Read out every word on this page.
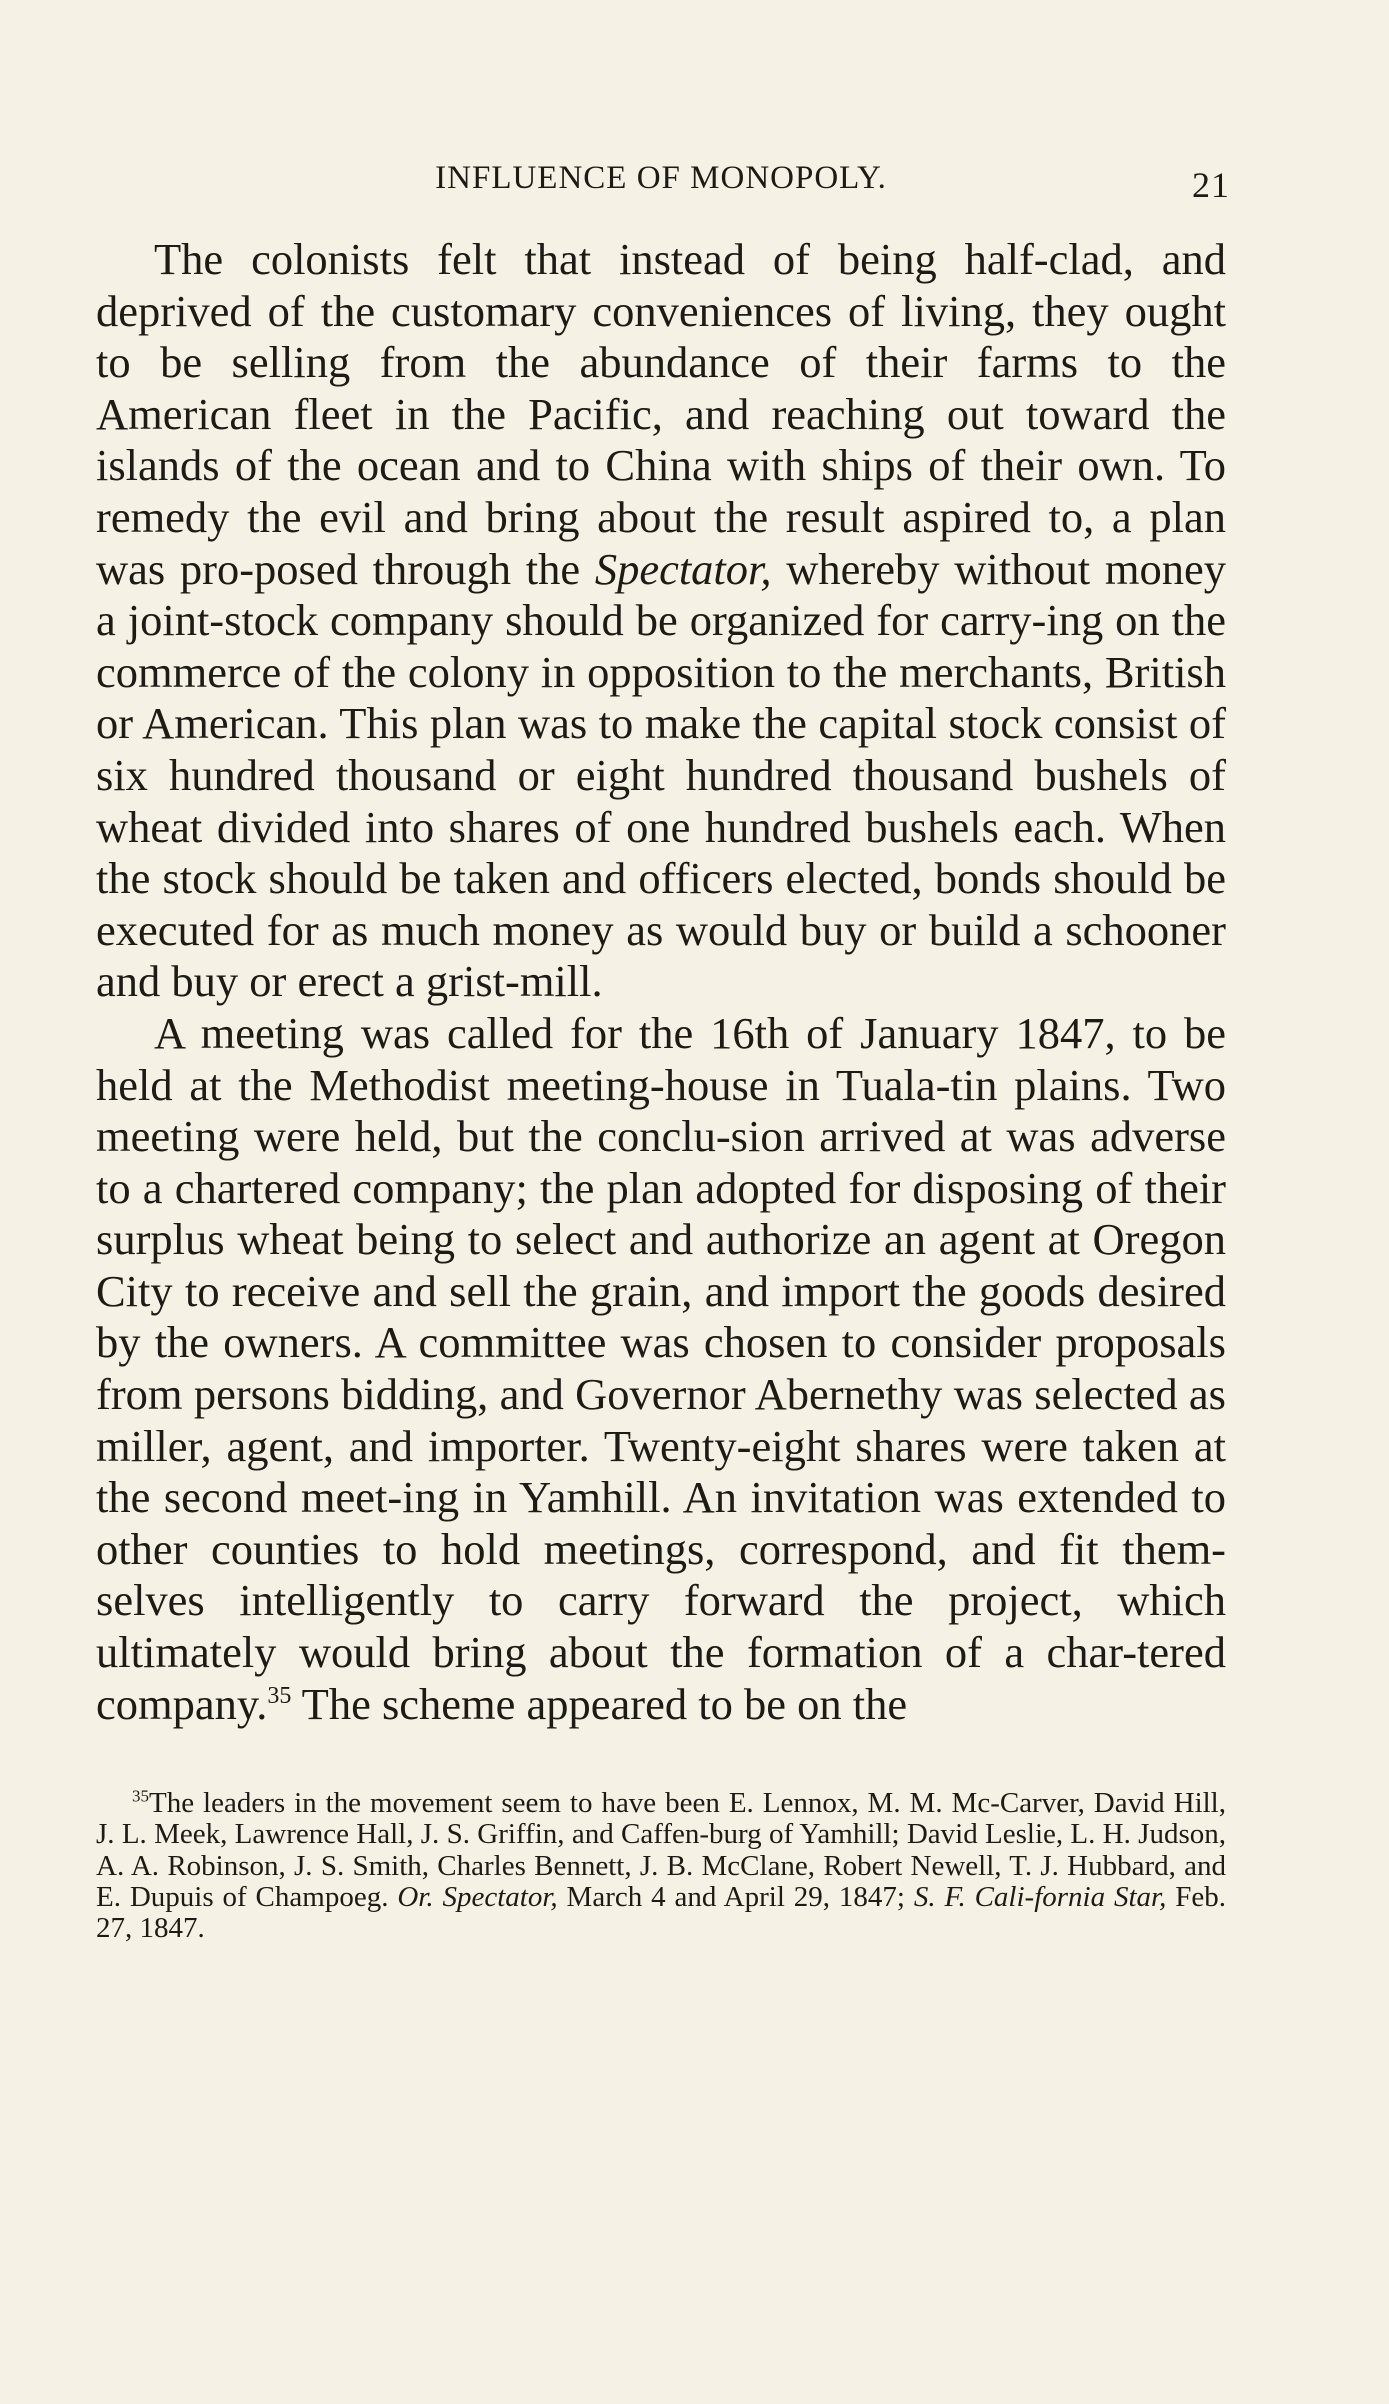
INFLUENCE OF MONOPOLY.	21

The colonists felt that instead of being half-clad, and deprived of the customary conveniences of living, they ought to be selling from the abundance of their farms to the American fleet in the Pacific, and reaching out toward the islands of the ocean and to China with ships of their own. To remedy the evil and bring about the result aspired to, a plan was pro-posed through the Spectator, whereby without money a joint-stock company should be organized for carry-ing on the commerce of the colony in opposition to the merchants, British or American. This plan was to make the capital stock consist of six hundred thousand or eight hundred thousand bushels of wheat divided into shares of one hundred bushels each. When the stock should be taken and officers elected, bonds should be executed for as much money as would buy or build a schooner and buy or erect a grist-mill.

A meeting was called for the 16th of January 1847, to be held at the Methodist meeting-house in Tuala-tin plains. Two meeting were held, but the conclu-sion arrived at was adverse to a chartered company; the plan adopted for disposing of their surplus wheat being to select and authorize an agent at Oregon City to receive and sell the grain, and import the goods desired by the owners. A committee was chosen to consider proposals from persons bidding, and Governor Abernethy was selected as miller, agent, and importer. Twenty-eight shares were taken at the second meet-ing in Yamhill. An invitation was extended to other counties to hold meetings, correspond, and fit them-selves intelligently to carry forward the project, which ultimately would bring about the formation of a char-tered company.$^{35}$ The scheme appeared to be on the

$^{35}$The leaders in the movement seem to have been E. Lennox, M. M. Mc-Carver, David Hill, J. L. Meek, Lawrence Hall, J. S. Griffin, and Caffen-burg of Yamhill; David Leslie, L. H. Judson, A. A. Robinson, J. S. Smith, Charles Bennett, J. B. McClane, Robert Newell, T. J. Hubbard, and E. Dupuis of Champoeg. Or. Spectator, March 4 and April 29, 1847; S. F. Cali-fornia Star, Feb. 27, 1847.
